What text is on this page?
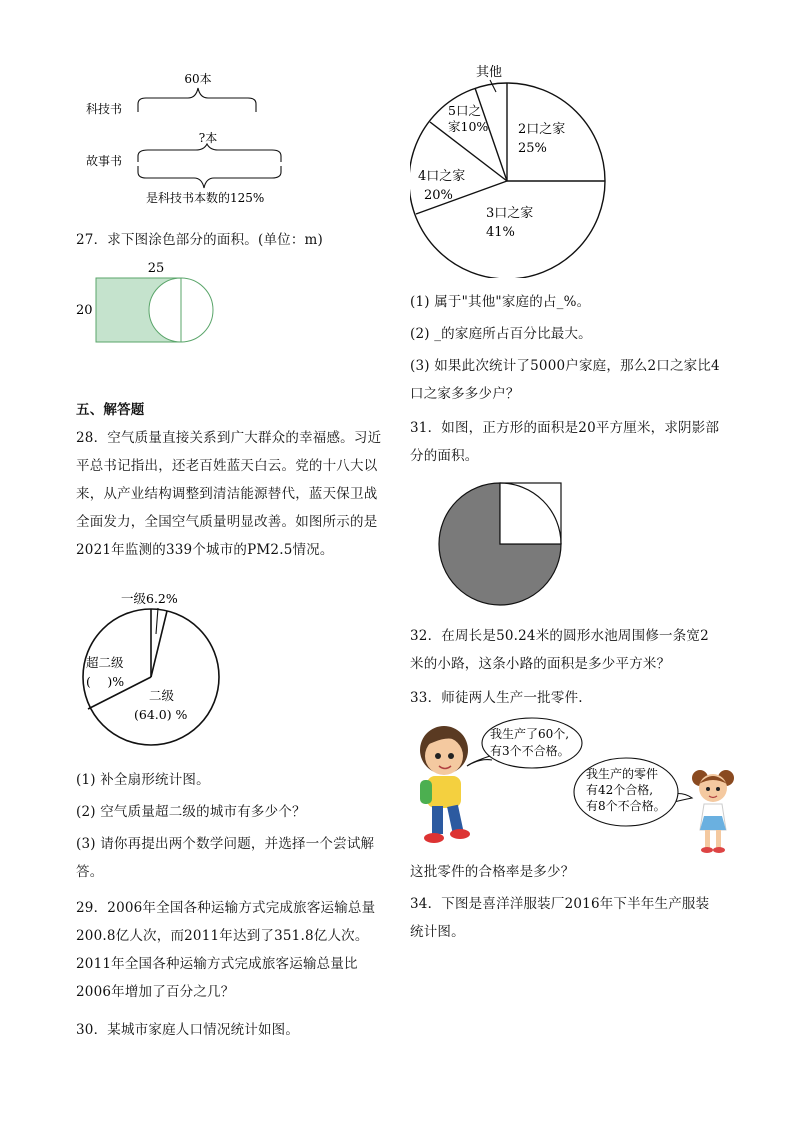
60本
科技书
?本
故事书
是科技书本数的125%

27．求下图涂色部分的面积。(单位：m)

25
20

五、解答题

28．空气质量直接关系到广大群众的幸福感。习近平总书记指出，还老百姓蓝天白云。党的十八大以来，从产业结构调整到清洁能源替代，蓝天保卫战全面发力，全国空气质量明显改善。如图所示的是2021年监测的339个城市的PM2.5情况。

一级6.2%
超二级
(　 )%
二级
(64.0) %

(1) 补全扇形统计图。

(2) 空气质量超二级的城市有多少个？

(3) 请你再提出两个数学问题，并选择一个尝试解答。

29．2006年全国各种运输方式完成旅客运输总量200.8亿人次，而2011年达到了351.8亿人次。2011年全国各种运输方式完成旅客运输总量比2006年增加了百分之几？

30．某城市家庭人口情况统计如图。

其他
5口之
家10% 2口之家
25%
4口之家
20%
3口之家
41%

(1) 属于"其他"家庭的占_%。

(2) _的家庭所占百分比最大。

(3) 如果此次统计了5000户家庭，那么2口之家比4口之家多多少户？

31．如图，正方形的面积是20平方厘米，求阴影部分的面积。

32．在周长是50.24米的圆形水池周围修一条宽2米的小路，这条小路的面积是多少平方米？

33．师徒两人生产一批零件.

我生产了60个,
有3个不合格。
我生产的零件
有42个合格,
有8个不合格。

这批零件的合格率是多少？

34．下图是喜洋洋服装厂2016年下半年生产服装统计图。
